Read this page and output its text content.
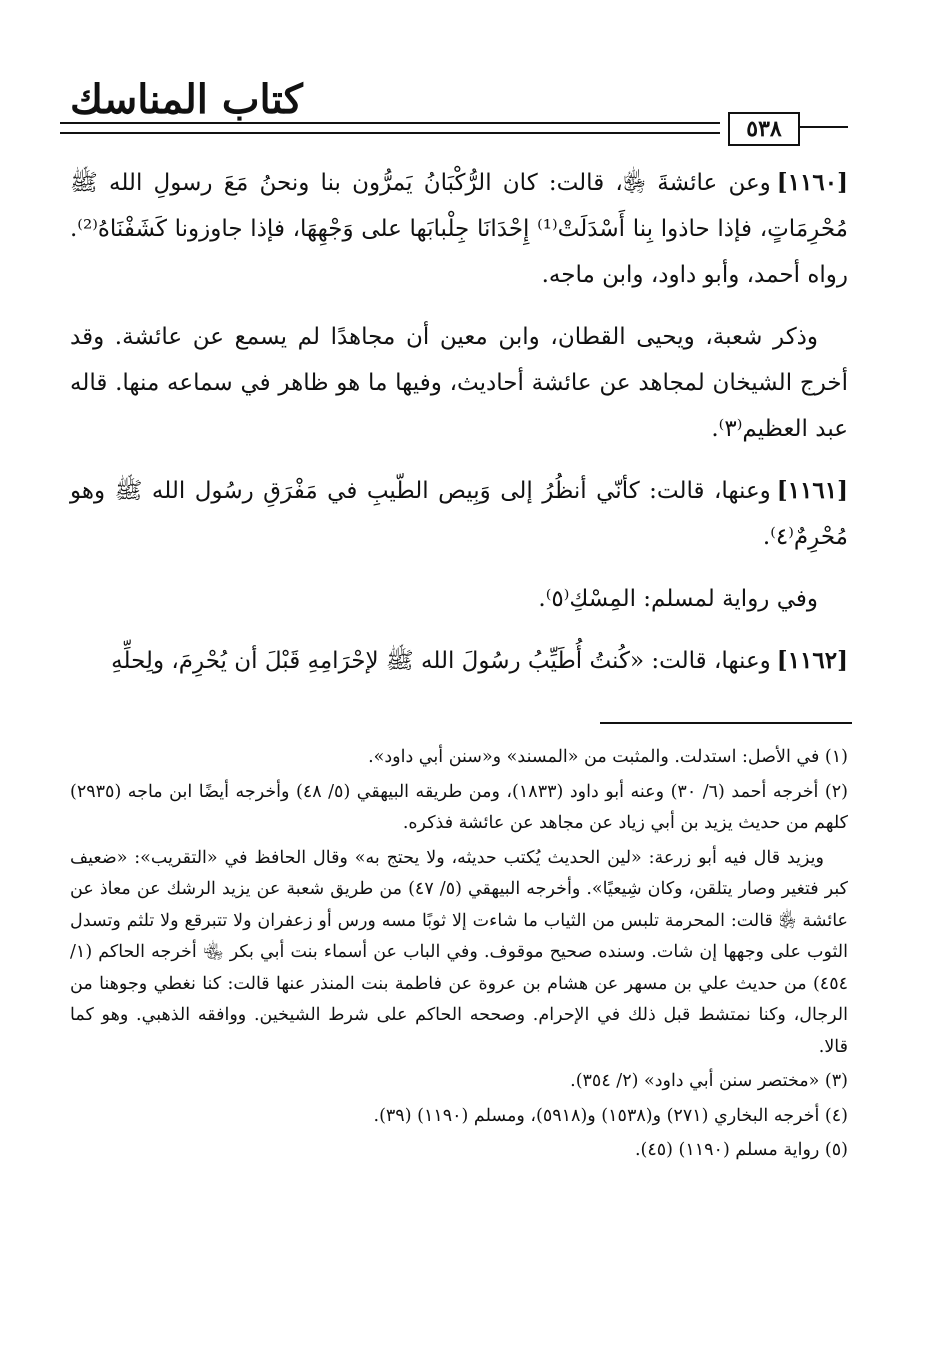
كتاب المناسك
٥٣٨

[١١٦٠]وعن عائشةَ ﵂، قالت: كان الرُّكْبَانُ يَمرُّون بنا ونحنُ مَعَ رسولِ الله ﷺ مُحْرِمَاتٍ، فإذا حاذوا بِنا أَسْدَلَتْ⁽¹⁾ إِحْدَانَا جِلْبابَها على وَجْهِهَا، فإذا جاوزونا كَشَفْنَاهُ⁽²⁾. رواه أحمد، وأبو داود، وابن ماجه.

وذكر شعبة، ويحيى القطان، وابن معين أن مجاهدًا لم يسمع عن عائشة. وقد أخرج الشيخان لمجاهد عن عائشة أحاديث، وفيها ما هو ظاهر في سماعه منها. قاله عبد العظيم⁽٣⁾.

[١١٦١]وعنها، قالت: كأنّي أنظُرُ إلى وَبِيص الطّيبِ في مَفْرَقِ رسُول الله ﷺ وهو مُحْرِمٌ⁽٤⁾.

وفي رواية لمسلم: المِسْكِ⁽٥⁾.

[١١٦٢]وعنها، قالت: «كُنتُ أُطَيِّبُ رسُولَ الله ﷺ لإحْرَامِهِ قَبْلَ أن يُحْرِمَ، ولِحلِّهِ

(١) في الأصل: استدلت. والمثبت من «المسند» و«سنن أبي داود».

(٢) أخرجه أحمد (٦/ ٣٠) وعنه أبو داود (١٨٣٣)، ومن طريقه البيهقي (٥/ ٤٨) وأخرجه أيضًا ابن ماجه (٢٩٣٥) كلهم من حديث يزيد بن أبي زياد عن مجاهد عن عائشة فذكره.

ويزيد قال فيه أبو زرعة: «لين الحديث يُكتب حديثه، ولا يحتج به» وقال الحافظ في «التقريب»: «ضعيف كبر فتغير وصار يتلقن، وكان شِيعيًا». وأخرجه البيهقي (٥/ ٤٧) من طريق شعبة عن يزيد الرشك عن معاذ عن عائشة ﵂ قالت: المحرمة تلبس من الثياب ما شاءت إلا ثوبًا مسه ورس أو زعفران ولا تتبرقع ولا تلثم وتسدل الثوب على وجهها إن شات. وسنده صحيح موقوف. وفي الباب عن أسماء بنت أبي بكر ﵄ أخرجه الحاكم (١/ ٤٥٤) من حديث علي بن مسهر عن هشام بن عروة عن فاطمة بنت المنذر عنها قالت: كنا نغطي وجوهنا من الرجال، وكنا نمتشط قبل ذلك في الإحرام. وصححه الحاكم على شرط الشيخين. ووافقه الذهبي. وهو كما قالا.

(٣) «مختصر سنن أبي داود» (٢/ ٣٥٤).

(٤) أخرجه البخاري (٢٧١) و(١٥٣٨) و(٥٩١٨)، ومسلم (١١٩٠) (٣٩).

(٥) رواية مسلم (١١٩٠) (٤٥).
